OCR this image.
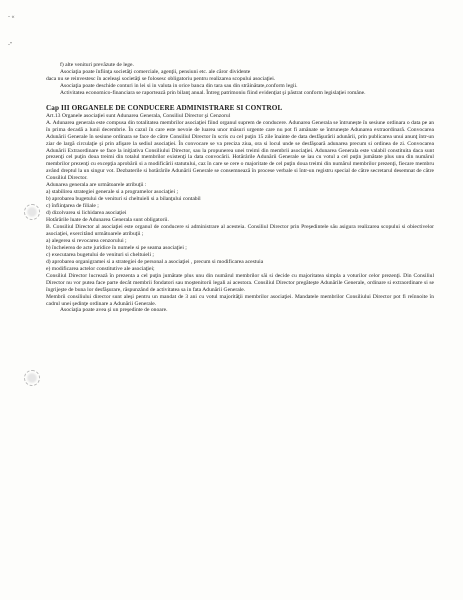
- «
-''

f) alte venituri prevăzute de lege.

Asociaţia poate înfiinţa societăţi comerciale, agenţii, pensiuni etc. ale căror dividente

daca nu se reinvestesc în aceleaşi societăţi se folosesc obligatoriu pentru realizarea scopului asociaţiei.

Asociaţia poate deschide conturi in lei si in valuta in orice banca din tara sau din străinătate,conform legii.

Activitatea economico-financiara se raportează prin bilanţ anual. Întreg patrimoniu fiind evidenţiat şi păstrat conform legislaţiei române.

Cap III ORGANELE DE CONDUCERE ADMINISTRARE SI CONTROL

Art.13 Organele asociaţiei sunt Adunarea Generala, Consiliul Director şi Cenzorul

A. Adunarea generala este compusa din totalitatea membrilor asociaţiei fiind organul suprem de conducere. Adunarea Generala se întrunește în sesiune ordinara o data pe an în prima decadă a lunii decembrie. În cazul în care este nevoie de luarea unor măsuri urgente care nu pot fi amânate se întrunește Adunarea extraordinară. Convocarea Adunării Generale în sesiune ordinara se face de către Consiliul Director în scris cu cel puţin 15 zile înainte de data desfăşurării adunării, prin publicarea unui anunţ într-un ziar de largă circulaţie şi prin afişare la sediul asociaţiei. În convocare se va preciza ziua, ora si locul unde se desfăşoară adunarea precum si ordinea de zi. Convocarea Adunării Extraordinare se face la iniţiativa Consiliului Director, sau la propunerea unei treimi din membrii asociaţiei. Adunarea Generala este valabil constituita daca sunt prezenţi cel puţin doua treimi din totalul membrilor existenţi la data convocării. Hotărârile Adunării Generale se iau cu votul a cel puţin jumătate plus unu din numărul membrilor prezenţi cu excepţia aprobării si a modificării statutului, caz în care se cere o majoritate de cel puţin doua treimi din numărul membrilor prezenţi, fiecare membru având dreptul la un singur vot. Dezbaterile si hotărârile Adunării Generale se consemnează în procese verbale si într-un registru special de către secretarul desemnat de către Consiliul Director.

Adunarea generala are următoarele atribuţii :

a) stabilirea strategiei generale si a programelor asociaţiei ;

b) aprobarea bugetului de venituri si cheltuieli si a bilanţului contabil

c) înfiinţarea de filiale ;

d) dizolvarea si lichidarea asociaţiei

Hotărârile luate de Adunarea Generala sunt obligatorii.

B. Consiliul Director al asociaţiei este organul de conducere si administrare al acesteia. Consiliul Director prin Preşedintele său asigura realizarea scopului si obiectivelor asociaţiei, exercitând următoarele atribuţii ;

a) alegerea si revocarea cenzorului ;

b) încheierea de acte juridice în numele si pe seama asociaţiei ;

c) executarea bugetului de venituri si cheltuieli ;

d) aprobarea organigramei si a strategiei de personal a asociaţiei , precum si modificarea acestuia

e) modificarea actelor constitutive ale asociaţiei;

Consiliul Director lucrează în prezenta a cel puţin jumătate plus unu din numărul membrilor săi si decide cu majoritatea simpla a voturilor celor prezenţi. Din Consiliul Director nu vor putea face parte decât membrii fondatori sau moştenitorii legali ai acestora. Consiliul Director pregăteşte Adunările Generale, ordinare si extraordinare si se îngrijeşte de buna lor desfăşurare, răspunzând de activitatea sa in fata Adunării Generale.

Membrii consiliului director sunt aleşi pentru un mandat de 3 ani cu votul majorităţii membrilor asociaţiei. Mandatele membrilor Consiliului Director pot fi reînnoite în cadrul unei şedinţe ordinare a Adunării Generale.

Asociaţia poate avea şi un preşedinte de onoare.
